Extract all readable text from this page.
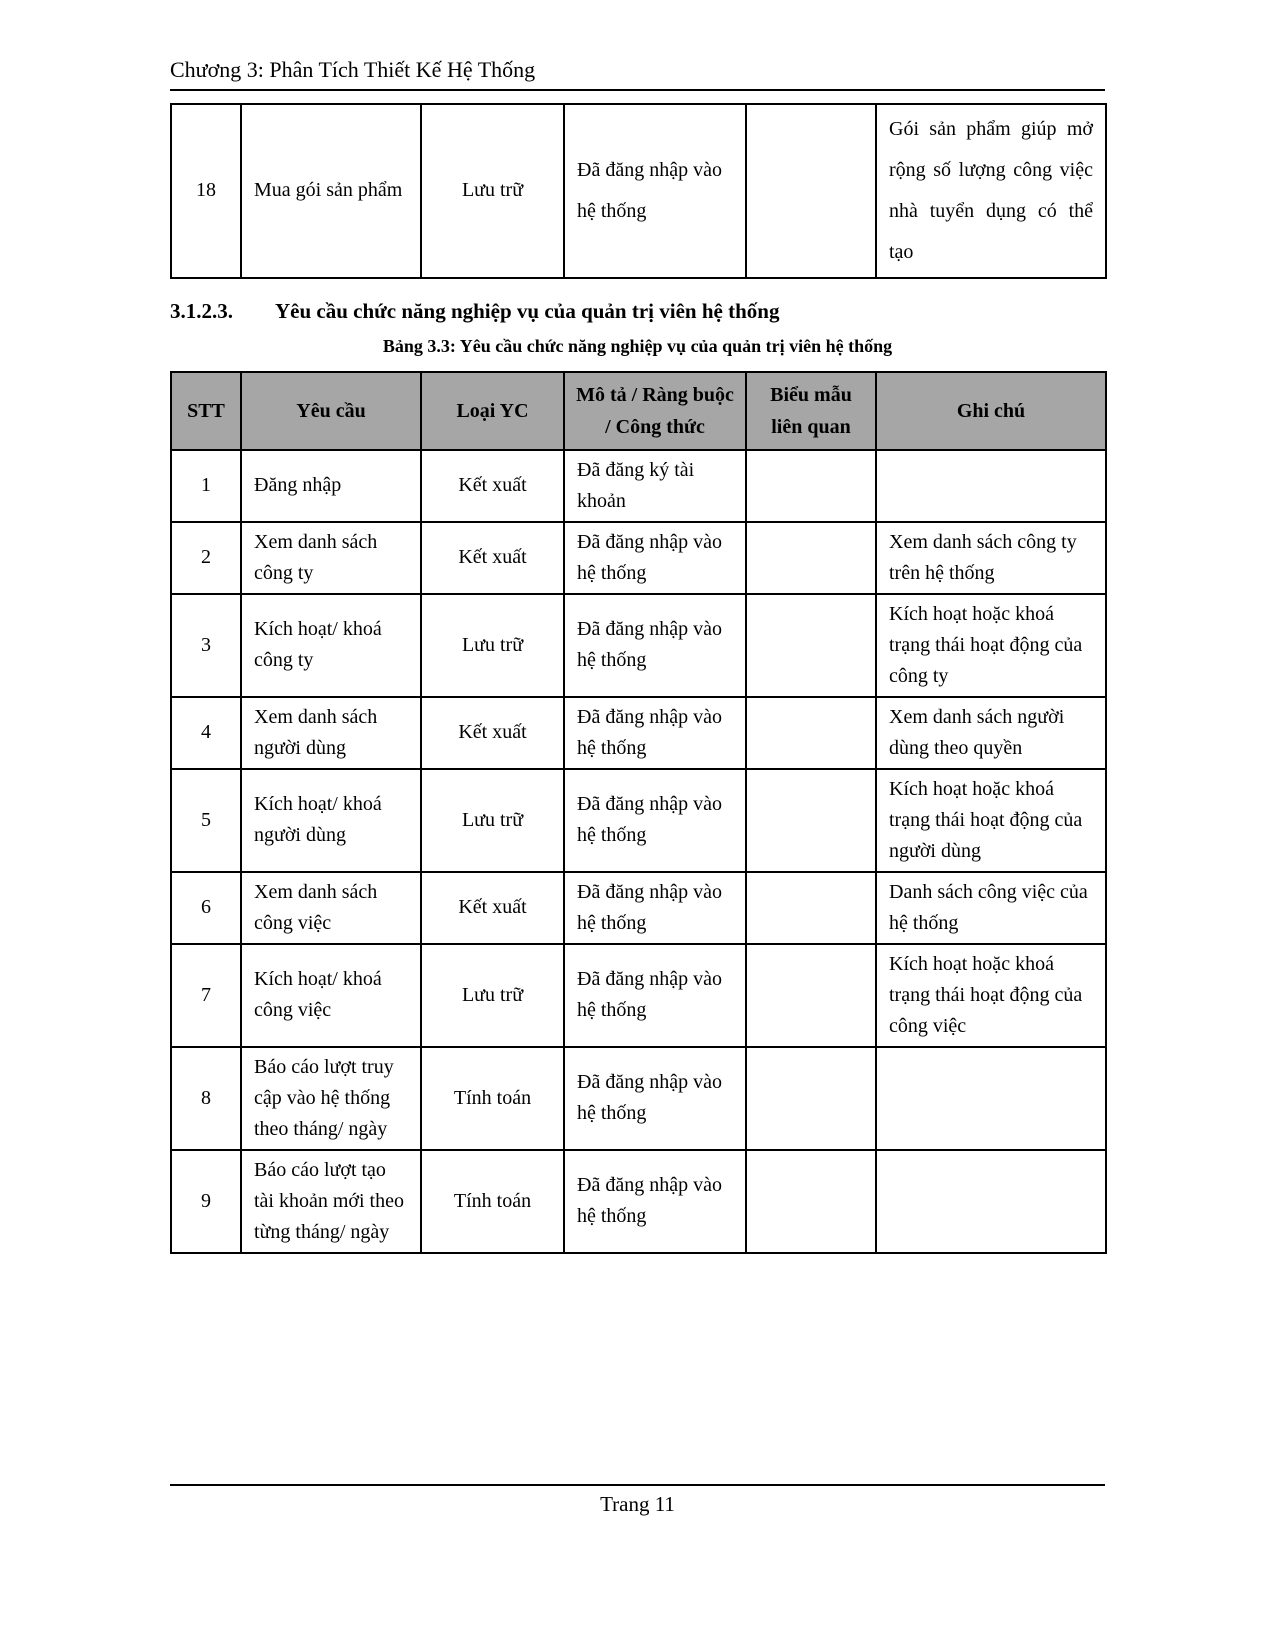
Chương 3: Phân Tích Thiết Kế Hệ Thống
18	Mua gói sản phẩm	Lưu trữ	Đã đăng nhập vào hệ thống		Gói sản phẩm giúp mở rộng số lượng công việc nhà tuyển dụng có thể tạo
3.1.2.3. Yêu cầu chức năng nghiệp vụ của quản trị viên hệ thống
Bảng 3.3: Yêu cầu chức năng nghiệp vụ của quản trị viên hệ thống
STT	Yêu cầu	Loại YC	Mô tả / Ràng buộc / Công thức	Biểu mẫu liên quan	Ghi chú
1	Đăng nhập	Kết xuất	Đã đăng ký tài khoản		
2	Xem danh sách công ty	Kết xuất	Đã đăng nhập vào hệ thống		Xem danh sách công ty trên hệ thống
3	Kích hoạt/ khoá công ty	Lưu trữ	Đã đăng nhập vào hệ thống		Kích hoạt hoặc khoá trạng thái hoạt động của công ty
4	Xem danh sách người dùng	Kết xuất	Đã đăng nhập vào hệ thống		Xem danh sách người dùng theo quyền
5	Kích hoạt/ khoá người dùng	Lưu trữ	Đã đăng nhập vào hệ thống		Kích hoạt hoặc khoá trạng thái hoạt động của người dùng
6	Xem danh sách công việc	Kết xuất	Đã đăng nhập vào hệ thống		Danh sách công việc của hệ thống
7	Kích hoạt/ khoá công việc	Lưu trữ	Đã đăng nhập vào hệ thống		Kích hoạt hoặc khoá trạng thái hoạt động của công việc
8	Báo cáo lượt truy cập vào hệ thống theo tháng/ ngày	Tính toán	Đã đăng nhập vào hệ thống		
9	Báo cáo lượt tạo tài khoản mới theo từng tháng/ ngày	Tính toán	Đã đăng nhập vào hệ thống		
Trang 11
